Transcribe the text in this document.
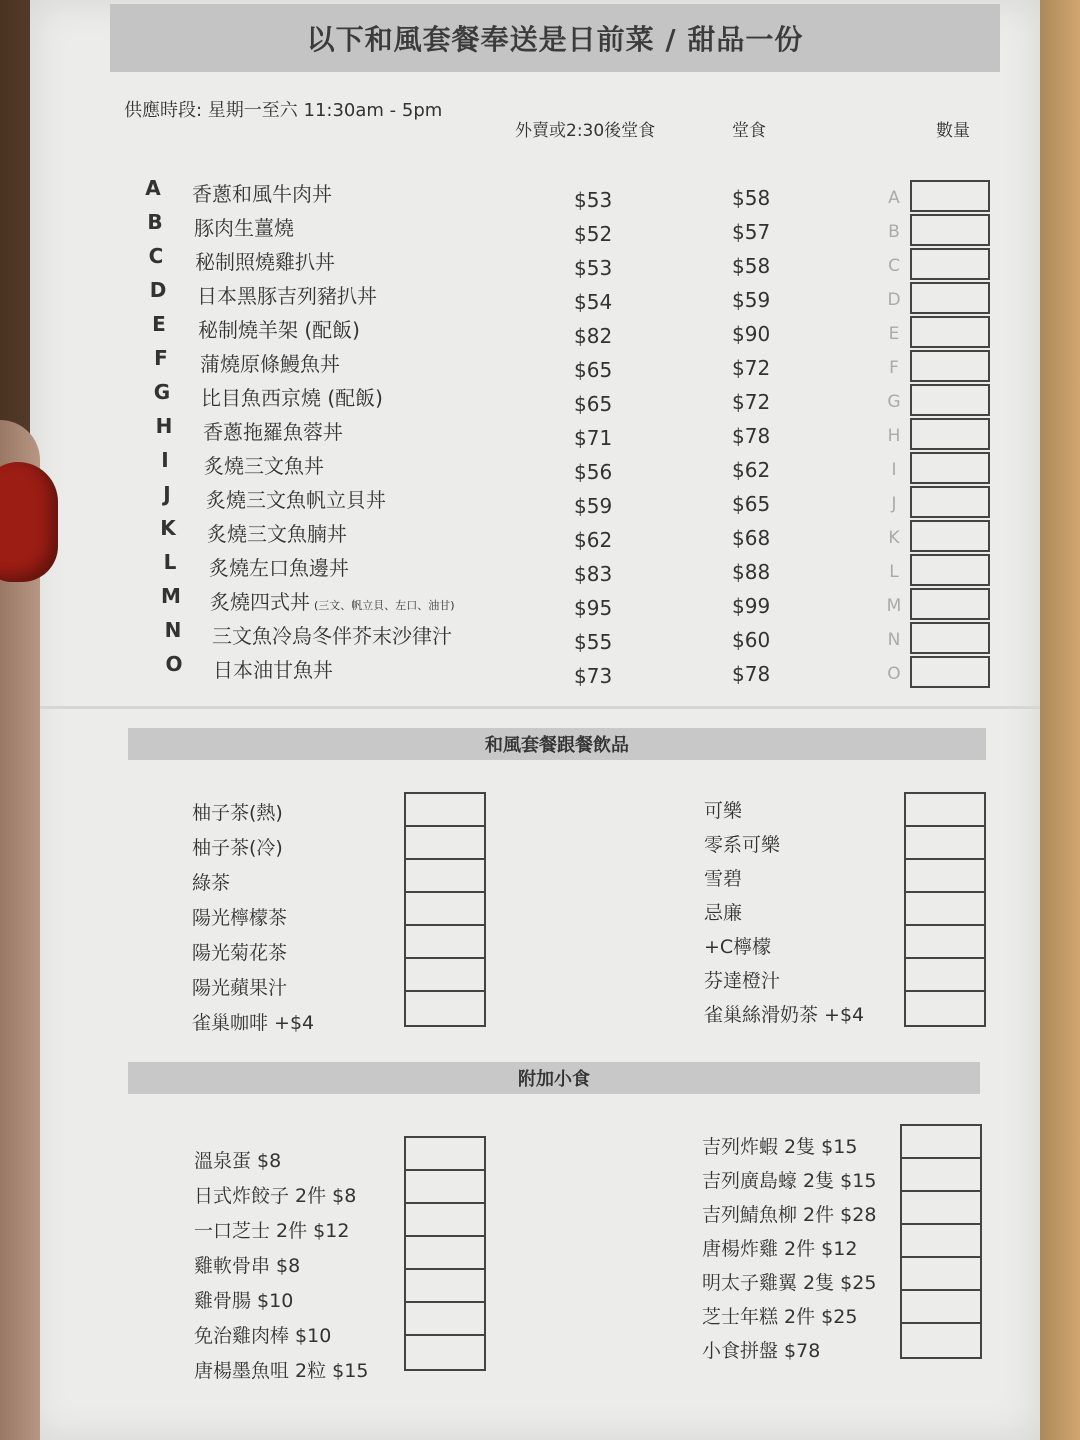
以下和風套餐奉送是日前菜 / 甜品一份
供應時段: 星期一至六 11:30am - 5pm
外賣或2:30後堂食	堂食	數量
A 香蔥和風牛肉丼	$53	$58	A
B 豚肉生薑燒	$52	$57	B
C 秘制照燒雞扒丼	$53	$58	C
D 日本黑豚吉列豬扒丼	$54	$59	D
E	秘制燒羊架 (配飯)	$82	$90	E
F	蒲燒原條鰻魚丼	$65	$72	F
G 比目魚西京燒 (配飯)	$65	$72	G
H 香蔥拖羅魚蓉丼	$71	$78	H
I	炙燒三文魚丼	$56	$62	I
J	炙燒三文魚帆立貝丼	$59	$65	J
K 炙燒三文魚腩丼	$62	$68	K
L	炙燒左口魚邊丼	$83	$88	L
M 炙燒四式丼 (三文、帆立貝、左口、油甘)	$95	$99	M
N 三文魚冷烏冬伴芥末沙律汁	$55	$60	N
O 日本油甘魚丼	$73	$78	O
和風套餐跟餐飲品
柚子茶(熱)
柚子茶(冷)
綠茶
陽光檸檬茶
陽光菊花茶
陽光蘋果汁
雀巢咖啡 +$4
可樂
零系可樂
雪碧
忌廉
+C檸檬
芬達橙汁
雀巢絲滑奶茶 +$4
附加小食
溫泉蛋 $8
日式炸餃子 2件 $8
一口芝士 2件 $12
雞軟骨串 $8
雞骨腸 $10
免治雞肉棒 $10
唐楊墨魚咀 2粒 $15
吉列炸蝦 2隻 $15
吉列廣島蠔 2隻 $15
吉列鯖魚柳 2件 $28
唐楊炸雞 2件 $12
明太子雞翼 2隻 $25
芝士年糕 2件 $25
小食拼盤 $78
